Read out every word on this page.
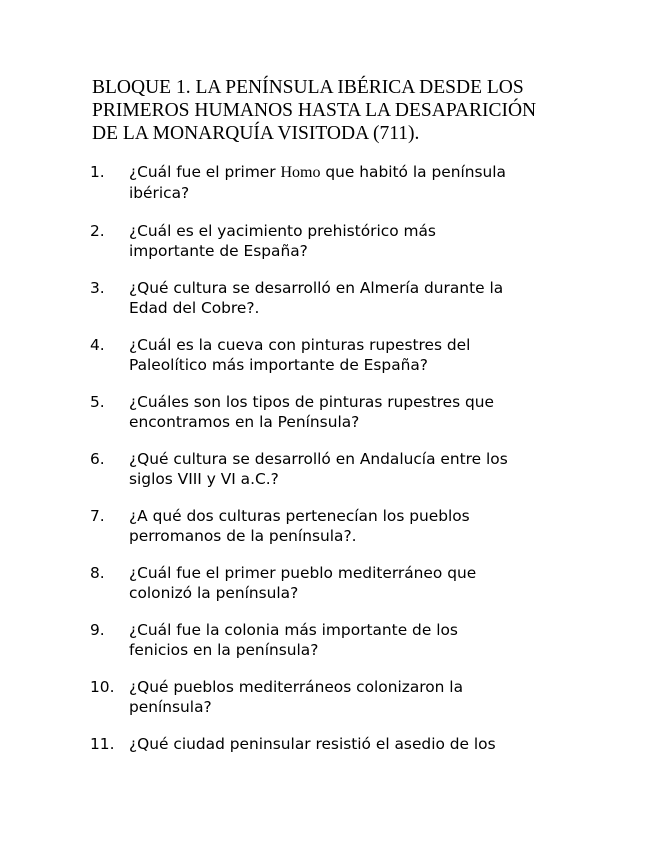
BLOQUE 1. LA PENÍNSULA IBÉRICA DESDE LOS
PRIMEROS HUMANOS HASTA LA DESAPARICIÓN
DE LA MONARQUÍA VISITODA (711).
1. ¿Cuál fue el primer Homo que habitó la península
ibérica?
2. ¿Cuál es el yacimiento prehistórico más
importante de España?
3. ¿Qué cultura se desarrolló en Almería durante la
Edad del Cobre?.
4. ¿Cuál es la cueva con pinturas rupestres del
Paleolítico más importante de España?
5. ¿Cuáles son los tipos de pinturas rupestres que
encontramos en la Península?
6. ¿Qué cultura se desarrolló en Andalucía entre los
siglos VIII y VI a.C.?
7. ¿A qué dos culturas pertenecían los pueblos
perromanos de la península?.
8. ¿Cuál fue el primer pueblo mediterráneo que
colonizó la península?
9. ¿Cuál fue la colonia más importante de los
fenicios en la península?
10. ¿Qué pueblos mediterráneos colonizaron la
península?
11. ¿Qué ciudad peninsular resistió el asedio de los
